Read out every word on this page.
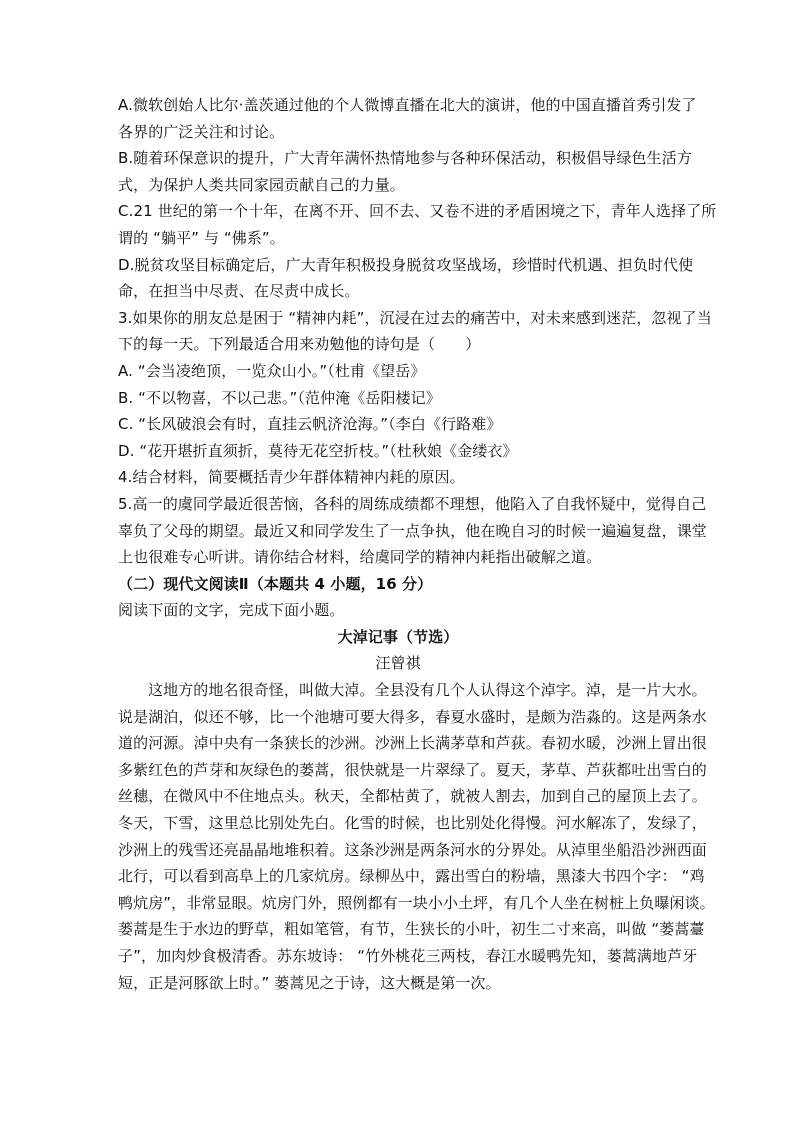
A.微软创始人比尔·盖茨通过他的个人微博直播在北大的演讲，他的中国直播首秀引发了
各界的广泛关注和讨论。
B.随着环保意识的提升，广大青年满怀热情地参与各种环保活动，积极倡导绿色生活方
式，为保护人类共同家园贡献自己的力量。
C.21 世纪的第一个十年，在离不开、回不去、又卷不进的矛盾困境之下，青年人选择了所
谓的 “躺平” 与 “佛系”。
D.脱贫攻坚目标确定后，广大青年积极投身脱贫攻坚战场，珍惜时代机遇、担负时代使
命，在担当中尽责、在尽责中成长。
3.如果你的朋友总是困于 “精神内耗”，沉浸在过去的痛苦中，对未来感到迷茫，忽视了当
下的每一天。下列最适合用来劝勉他的诗句是（　　）
A. “会当凌绝顶，一览众山小。”（杜甫《望岳》
B. “不以物喜，不以己悲。”（范仲淹《岳阳楼记》
C. “长风破浪会有时，直挂云帆济沧海。”（李白《行路难》
D. “花开堪折直须折，莫待无花空折枝。”（杜秋娘《金缕衣》
4.结合材料，简要概括青少年群体精神内耗的原因。
5.高一的虞同学最近很苦恼，各科的周练成绩都不理想，他陷入了自我怀疑中，觉得自己
辜负了父母的期望。最近又和同学发生了一点争执，他在晚自习的时候一遍遍复盘，课堂
上也很难专心听讲。请你结合材料，给虞同学的精神内耗指出破解之道。
（二）现代文阅读Ⅱ（本题共 4 小题，16 分）
阅读下面的文字，完成下面小题。
大淖记事（节选）
汪曾祺
这地方的地名很奇怪，叫做大淖。全县没有几个人认得这个淖字。淖，是一片大水。
说是湖泊，似还不够，比一个池塘可要大得多，春夏水盛时，是颇为浩淼的。这是两条水
道的河源。淖中央有一条狭长的沙洲。沙洲上长满茅草和芦荻。春初水暖，沙洲上冒出很
多紫红色的芦芽和灰绿色的蒌蒿，很快就是一片翠绿了。夏天，茅草、芦荻都吐出雪白的
丝穗，在微风中不住地点头。秋天，全都枯黄了，就被人割去，加到自己的屋顶上去了。
冬天，下雪，这里总比别处先白。化雪的时候，也比别处化得慢。河水解冻了，发绿了，
沙洲上的残雪还亮晶晶地堆积着。这条沙洲是两条河水的分界处。从淖里坐船沿沙洲西面
北行，可以看到高阜上的几家炕房。绿柳丛中，露出雪白的粉墙，黑漆大书四个字： “鸡
鸭炕房”，非常显眼。炕房门外，照例都有一块小小土坪，有几个人坐在树桩上负曝闲谈。
蒌蒿是生于水边的野草，粗如笔管，有节，生狭长的小叶，初生二寸来高，叫做 “蒌蒿薹
子”，加肉炒食极清香。苏东坡诗： “竹外桃花三两枝，春江水暖鸭先知，蒌蒿满地芦牙
短，正是河豚欲上时。” 蒌蒿见之于诗，这大概是第一次。
